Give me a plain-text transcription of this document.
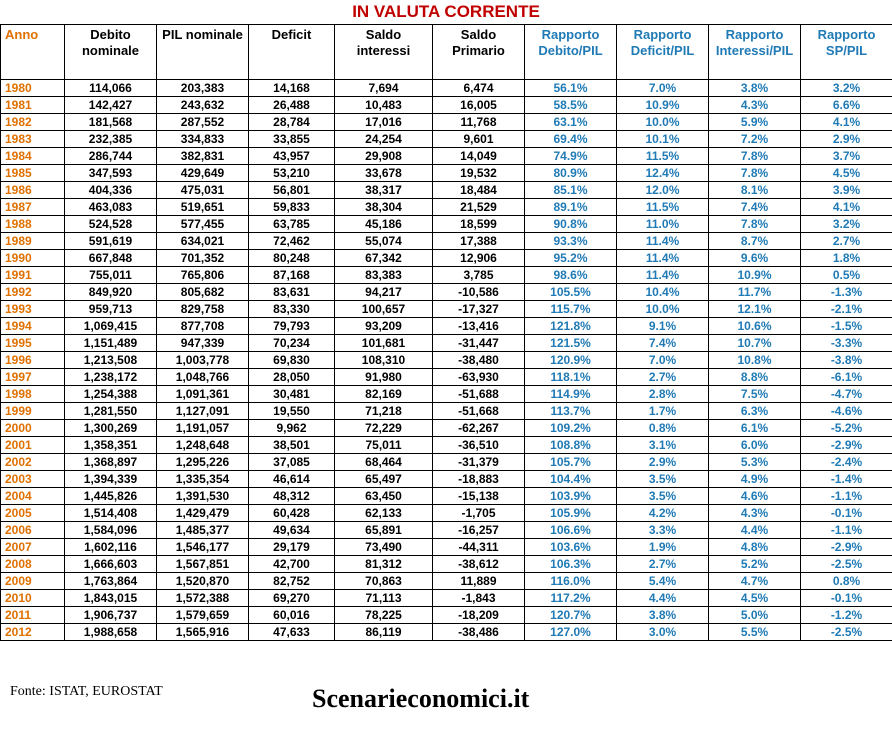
IN VALUTA CORRENTE
Anno	Debito nominale	PIL nominale	Deficit	Saldo interessi	Saldo Primario	Rapporto Debito/PIL	Rapporto Deficit/PIL	Rapporto Interessi/PIL	Rapporto SP/PIL
1980	114,066	203,383	14,168	7,694	6,474	56.1%	7.0%	3.8%	3.2%
1981	142,427	243,632	26,488	10,483	16,005	58.5%	10.9%	4.3%	6.6%
1982	181,568	287,552	28,784	17,016	11,768	63.1%	10.0%	5.9%	4.1%
1983	232,385	334,833	33,855	24,254	9,601	69.4%	10.1%	7.2%	2.9%
1984	286,744	382,831	43,957	29,908	14,049	74.9%	11.5%	7.8%	3.7%
1985	347,593	429,649	53,210	33,678	19,532	80.9%	12.4%	7.8%	4.5%
1986	404,336	475,031	56,801	38,317	18,484	85.1%	12.0%	8.1%	3.9%
1987	463,083	519,651	59,833	38,304	21,529	89.1%	11.5%	7.4%	4.1%
1988	524,528	577,455	63,785	45,186	18,599	90.8%	11.0%	7.8%	3.2%
1989	591,619	634,021	72,462	55,074	17,388	93.3%	11.4%	8.7%	2.7%
1990	667,848	701,352	80,248	67,342	12,906	95.2%	11.4%	9.6%	1.8%
1991	755,011	765,806	87,168	83,383	3,785	98.6%	11.4%	10.9%	0.5%
1992	849,920	805,682	83,631	94,217	-10,586	105.5%	10.4%	11.7%	-1.3%
1993	959,713	829,758	83,330	100,657	-17,327	115.7%	10.0%	12.1%	-2.1%
1994	1,069,415	877,708	79,793	93,209	-13,416	121.8%	9.1%	10.6%	-1.5%
1995	1,151,489	947,339	70,234	101,681	-31,447	121.5%	7.4%	10.7%	-3.3%
1996	1,213,508	1,003,778	69,830	108,310	-38,480	120.9%	7.0%	10.8%	-3.8%
1997	1,238,172	1,048,766	28,050	91,980	-63,930	118.1%	2.7%	8.8%	-6.1%
1998	1,254,388	1,091,361	30,481	82,169	-51,688	114.9%	2.8%	7.5%	-4.7%
1999	1,281,550	1,127,091	19,550	71,218	-51,668	113.7%	1.7%	6.3%	-4.6%
2000	1,300,269	1,191,057	9,962	72,229	-62,267	109.2%	0.8%	6.1%	-5.2%
2001	1,358,351	1,248,648	38,501	75,011	-36,510	108.8%	3.1%	6.0%	-2.9%
2002	1,368,897	1,295,226	37,085	68,464	-31,379	105.7%	2.9%	5.3%	-2.4%
2003	1,394,339	1,335,354	46,614	65,497	-18,883	104.4%	3.5%	4.9%	-1.4%
2004	1,445,826	1,391,530	48,312	63,450	-15,138	103.9%	3.5%	4.6%	-1.1%
2005	1,514,408	1,429,479	60,428	62,133	-1,705	105.9%	4.2%	4.3%	-0.1%
2006	1,584,096	1,485,377	49,634	65,891	-16,257	106.6%	3.3%	4.4%	-1.1%
2007	1,602,116	1,546,177	29,179	73,490	-44,311	103.6%	1.9%	4.8%	-2.9%
2008	1,666,603	1,567,851	42,700	81,312	-38,612	106.3%	2.7%	5.2%	-2.5%
2009	1,763,864	1,520,870	82,752	70,863	11,889	116.0%	5.4%	4.7%	0.8%
2010	1,843,015	1,572,388	69,270	71,113	-1,843	117.2%	4.4%	4.5%	-0.1%
2011	1,906,737	1,579,659	60,016	78,225	-18,209	120.7%	3.8%	5.0%	-1.2%
2012	1,988,658	1,565,916	47,633	86,119	-38,486	127.0%	3.0%	5.5%	-2.5%
Fonte: ISTAT, EUROSTAT	Scenarieconomici.it
